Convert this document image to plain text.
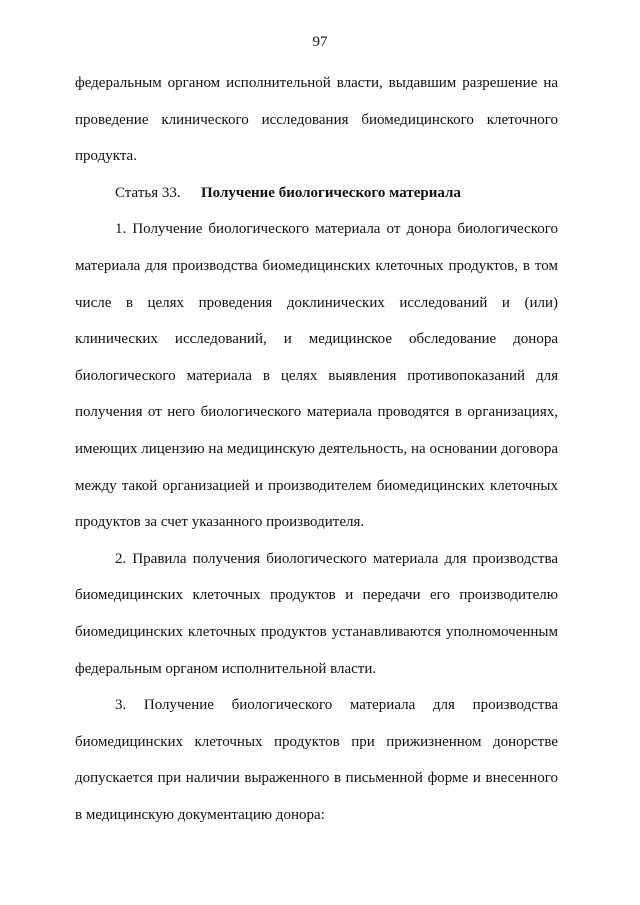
97
федеральным органом исполнительной власти, выдавшим разрешение на
проведение клинического исследования биомедицинского клеточного
продукта.
Статья 33. Получение биологического материала
1. Получение биологического материала от донора биологического
материала для производства биомедицинских клеточных продуктов, в том
числе в целях проведения доклинических исследований и (или)
клинических исследований, и медицинское обследование донора
биологического материала в целях выявления противопоказаний для
получения от него биологического материала проводятся в организациях,
имеющих лицензию на медицинскую деятельность, на основании договора
между такой организацией и производителем биомедицинских клеточных
продуктов за счет указанного производителя.
2. Правила получения биологического материала для производства
биомедицинских клеточных продуктов и передачи его производителю
биомедицинских клеточных продуктов устанавливаются уполномоченным
федеральным органом исполнительной власти.
3. Получение биологического материала для производства
биомедицинских клеточных продуктов при прижизненном донорстве
допускается при наличии выраженного в письменной форме и внесенного
в медицинскую документацию донора:
